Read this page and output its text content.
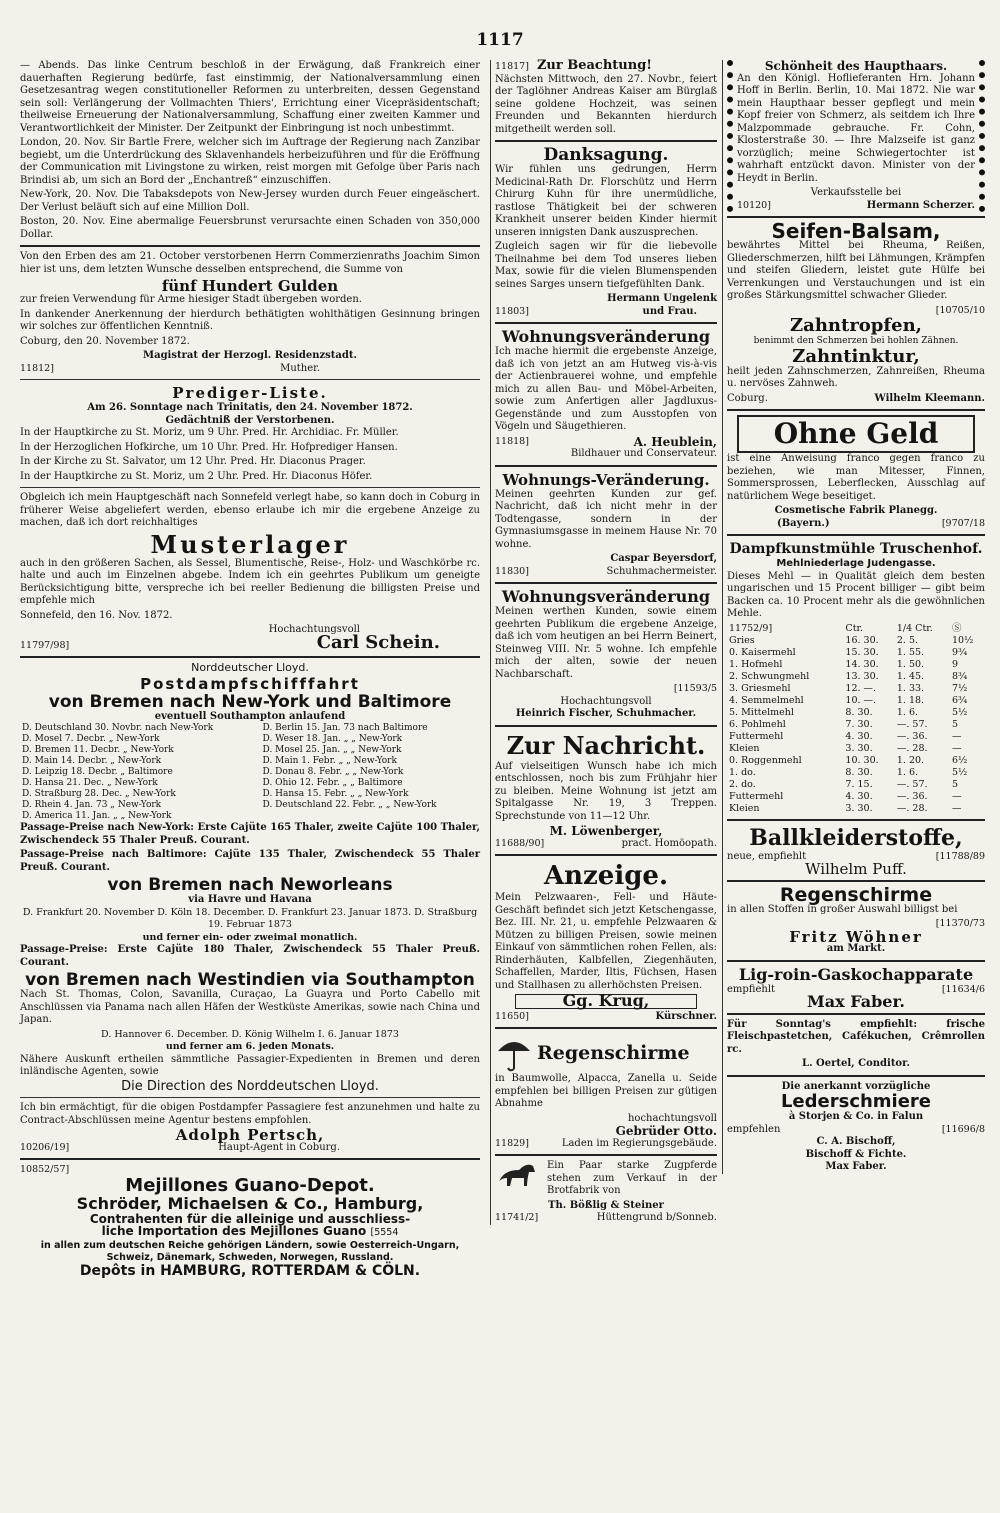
1117

— Abends. Das linke Centrum beschloß in der Erwägung, daß Frankreich einer dauerhaften Regierung bedürfe, fast einstimmig, der Nationalversammlung einen Gesetzesantrag wegen constitutioneller Reformen zu unterbreiten, dessen Gegenstand sein soll: Verlängerung der Vollmachten Thiers', Errichtung einer Vicepräsidentschaft; theilweise Erneuerung der Nationalversammlung, Schaffung einer zweiten Kammer und Verantwortlichkeit der Minister. Der Zeitpunkt der Einbringung ist noch unbestimmt.

London, 20. Nov. Sir Bartle Frere, welcher sich im Auftrage der Regierung nach Zanzibar begiebt, um die Unterdrückung des Sklavenhandels herbeizuführen und für die Eröffnung der Communication mit Livingstone zu wirken, reist morgen mit Gefolge über Paris nach Brindisi ab, um sich an Bord der „Enchantreß“ einzuschiffen.

New-York, 20. Nov. Die Tabaksdepots von New-Jersey wurden durch Feuer eingeäschert. Der Verlust beläuft sich auf eine Million Doll.

Boston, 20. Nov. Eine abermalige Feuersbrunst verursachte einen Schaden von 350,000 Dollar.

Von den Erben des am 21. October verstorbenen Herrn Commerzienraths Joachim Simon hier ist uns, dem letzten Wunsche desselben entsprechend, die Summe von

fünf Hundert Gulden

zur freien Verwendung für Arme hiesiger Stadt übergeben worden.

In dankender Anerkennung der hierdurch bethätigten wohlthätigen Gesinnung bringen wir solches zur öffentlichen Kenntniß.

Coburg, den 20. November 1872.

Magistrat der Herzogl. Residenzstadt.
11812]	Muther.
Prediger-Liste.
Am 26. Sonntage nach Trinitatis, den 24. November 1872.
Gedächtniß der Verstorbenen.

In der Hauptkirche zu St. Moriz, um 9 Uhr. Pred. Hr. Archidiac. Fr. Müller.

In der Herzoglichen Hofkirche, um 10 Uhr. Pred. Hr. Hofprediger Hansen.

In der Kirche zu St. Salvator, um 12 Uhr. Pred. Hr. Diaconus Prager.

In der Hauptkirche zu St. Moriz, um 2 Uhr. Pred. Hr. Diaconus Höfer.

Obgleich ich mein Hauptgeschäft nach Sonnefeld verlegt habe, so kann doch in Coburg in früherer Weise abgeliefert werden, ebenso erlaube ich mir die ergebene Anzeige zu machen, daß ich dort reichhaltiges

Musterlager

auch in den größeren Sachen, als Sessel, Blumentische, Reise-, Holz- und Waschkörbe rc. halte und auch im Einzelnen abgebe. Indem ich ein geehrtes Publikum um geneigte Berücksichtigung bitte, verspreche ich bei reeller Bedienung die billigsten Preise und empfehle mich

Sonnefeld, den 16. Nov. 1872.

Hochachtungsvoll
11797/98]	Carl Schein.
Norddeutscher Lloyd.
Postdampfschifffahrt
von Bremen nach New-York und Baltimore
eventuell Southampton anlaufend
D. Deutschland 30. Novbr. nach New-York	D. Berlin 15. Jan. 73 nach Baltimore
D. Mosel 7. Decbr. „ New-York	D. Weser 18. Jan. „ „ New-York
D. Bremen 11. Decbr. „ New-York	D. Mosel 25. Jan. „ „ New-York
D. Main 14. Decbr. „ New-York	D. Main 1. Febr. „ „ New-York
D. Leipzig 18. Decbr. „ Baltimore	D. Donau 8. Febr. „ „ New-York
D. Hansa 21. Dec. „ New-York	D. Ohio 12. Febr. „ „ Baltimore
D. Straßburg 28. Dec. „ New-York	D. Hansa 15. Febr. „ „ New-York
D. Rhein 4. Jan. 73 „ New-York	D. Deutschland 22. Febr. „ „ New-York
D. America 11. Jan. „ „ New-York	

Passage-Preise nach New-York: Erste Cajüte 165 Thaler, zweite Cajüte 100 Thaler, Zwischendeck 55 Thaler Preuß. Courant.

Passage-Preise nach Baltimore: Cajüte 135 Thaler, Zwischendeck 55 Thaler Preuß. Courant.

von Bremen nach Neworleans
via Havre und Havana
D. Frankfurt 20. November D. Köln 18. December. D. Frankfurt 23. Januar 1873. D. Straßburg 19. Februar 1873
und ferner ein- oder zweimal monatlich.

Passage-Preise: Erste Cajüte 180 Thaler, Zwischendeck 55 Thaler Preuß. Courant.

von Bremen nach Westindien via Southampton

Nach St. Thomas, Colon, Savanilla, Curaçao, La Guayra und Porto Cabello mit Anschlüssen via Panama nach allen Häfen der Westküste Amerikas, sowie nach China und Japan.

D. Hannover 6. December. D. König Wilhelm I. 6. Januar 1873
und ferner am 6. jeden Monats.

Nähere Auskunft ertheilen sämmtliche Passagier-Expedienten in Bremen und deren inländische Agenten, sowie

Die Direction des Norddeutschen Lloyd.

Ich bin ermächtigt, für die obigen Postdampfer Passagiere fest anzunehmen und halte zu Contract-Abschlüssen meine Agentur bestens empfohlen.

Adolph Pertsch,
10206/19]	Haupt-Agent in Coburg.
10852/57]
Mejillones Guano-Depot.
Schröder, Michaelsen & Co., Hamburg,
Contrahenten für die alleinige und ausschliess-
liche Importation des Mejillones Guano [5554
in allen zum deutschen Reiche gehörigen Ländern, sowie Oesterreich-Ungarn, Schweiz, Dänemark, Schweden, Norwegen, Russland.
Depôts in HAMBURG, ROTTERDAM & CÖLN.
11817] Zur Beachtung!

Nächsten Mittwoch, den 27. Novbr., feiert der Taglöhner Andreas Kaiser am Bürglaß seine goldene Hochzeit, was seinen Freunden und Bekannten hierdurch mitgetheilt werden soll.

Danksagung.

Wir fühlen uns gedrungen, Herrn Medicinal-Rath Dr. Florschütz und Herrn Chirurg Kuhn für ihre unermüdliche, rastlose Thätigkeit bei der schweren Krankheit unserer beiden Kinder hiermit unseren innigsten Dank auszusprechen.

Zugleich sagen wir für die liebevolle Theilnahme bei dem Tod unseres lieben Max, sowie für die vielen Blumenspenden seines Sarges unsern tiefgefühlten Dank.

Hermann Ungelenk
11803]	und Frau.
Wohnungsveränderung

Ich mache hiermit die ergebenste Anzeige, daß ich von jetzt an am Hutweg vis-à-vis der Actienbrauerei wohne, und empfehle mich zu allen Bau- und Möbel-Arbeiten, sowie zum Anfertigen aller Jagdluxus-Gegenstände und zum Ausstopfen von Vögeln und Säugethieren.

11818]	A. Heublein,
Bildhauer und Conservateur.
Wohnungs-Veränderung.

Meinen geehrten Kunden zur gef. Nachricht, daß ich nicht mehr in der Todtengasse, sondern in der Gymnasiumsgasse in meinem Hause Nr. 70 wohne.

Caspar Beyersdorf,
11830]	Schuhmachermeister.
Wohnungsveränderung

Meinen werthen Kunden, sowie einem geehrten Publikum die ergebene Anzeige, daß ich vom heutigen an bei Herrn Beinert, Steinweg VIII. Nr. 5 wohne. Ich empfehle mich der alten, sowie der neuen Nachbarschaft.

[11593/5
Hochachtungsvoll
Heinrich Fischer, Schuhmacher.
Zur Nachricht.

Auf vielseitigen Wunsch habe ich mich entschlossen, noch bis zum Frühjahr hier zu bleiben. Meine Wohnung ist jetzt am Spitalgasse Nr. 19, 3 Treppen. Sprechstunde von 11—12 Uhr.

M. Löwenberger,
11688/90]	pract. Homöopath.
Anzeige.

Mein Pelzwaaren-, Fell- und Häute-Geschäft befindet sich jetzt Ketschengasse, Bez. III. Nr. 21, u. empfehle Pelzwaaren & Mützen zu billigen Preisen, sowie meinen Einkauf von sämmtlichen rohen Fellen, als: Rinderhäuten, Kalbfellen, Ziegenhäuten, Schaffellen, Marder, Iltis, Füchsen, Hasen und Stallhasen zu allerhöchsten Preisen.

Gg. Krug,
11650]	Kürschner.
Regenschirme

in Baumwolle, Alpacca, Zanella u. Seide empfehlen bei billigen Preisen zur gütigen Abnahme

hochachtungsvoll
Gebrüder Otto.
11829]	Laden im Regierungsgebäude.

Ein Paar starke Zugpferde stehen zum Verkauf in der Brotfabrik von

Th. Bößlig & Steiner
11741/2]	Hüttengrund b/Sonneb.
Schönheit des Haupthaars.

An den Königl. Hoflieferanten Hrn. Johann Hoff in Berlin. Berlin, 10. Mai 1872. Nie war mein Haupthaar besser gepflegt und mein Kopf freier von Schmerz, als seitdem ich Ihre Malzpommade gebrauche. Fr. Cohn, Klosterstraße 30. — Ihre Malzseife ist ganz vorzüglich; meine Schwiegertochter ist wahrhaft entzückt davon. Minister von der Heydt in Berlin.

Verkaufsstelle bei
10120]	Hermann Scherzer.
Seifen-Balsam,

bewährtes Mittel bei Rheuma, Reißen, Gliederschmerzen, hilft bei Lähmungen, Krämpfen und steifen Gliedern, leistet gute Hülfe bei Verrenkungen und Verstauchungen und ist ein großes Stärkungsmittel schwacher Glieder.

[10705/10
Zahntropfen,
benimmt den Schmerzen bei hohlen Zähnen.
Zahntinktur,

heilt jeden Zahnschmerzen, Zahnreißen, Rheuma u. nervöses Zahnweh.

Coburg.	Wilhelm Kleemann.
Ohne Geld

ist eine Anweisung franco gegen franco zu beziehen, wie man Mitesser, Finnen, Sommersprossen, Leberflecken, Ausschlag auf natürlichem Wege beseitiget.

Cosmetische Fabrik Planegg.
(Bayern.)	[9707/18
Dampfkunstmühle Truschenhof.
Mehlniederlage Judengasse.

Dieses Mehl — in Qualität gleich dem besten ungarischen und 15 Procent billiger — gibt beim Backen ca. 10 Procent mehr als die gewöhnlichen Mehle.

11752/9]	Ctr.	1/4 Ctr.	Ⓢ
Gries	16. 30.	2. 5.	10½
0. Kaisermehl	15. 30.	1. 55.	9¾
1. Hofmehl	14. 30.	1. 50.	9
2. Schwungmehl	13. 30.	1. 45.	8¾
3. Griesmehl	12. —.	1. 33.	7½
4. Semmelmehl	10. —.	1. 18.	6¾
5. Mittelmehl	8. 30.	1. 6.	5½
6. Pohlmehl	7. 30.	—. 57.	5
Futtermehl	4. 30.	—. 36.	—
Kleien	3. 30.	—. 28.	—
0. Roggenmehl	10. 30.	1. 20.	6½
1. do.	8. 30.	1. 6.	5½
2. do.	7. 15.	—. 57.	5
Futtermehl	4. 30.	—. 36.	—
Kleien	3. 30.	—. 28.	—
Ballkleiderstoffe,
neue, empfiehlt	[11788/89
Wilhelm Puff.
Regenschirme

in allen Stoffen in großer Auswahl billigst bei

[11370/73
Fritz Wöhner
am Markt.
Lig-roin-Gaskochapparate
empfiehlt	[11634/6
Max Faber.

Für Sonntag's empfiehlt: frische Fleischpastetchen, Cafékuchen, Crêmrollen rc.

L. Oertel, Conditor.
Die anerkannt vorzügliche
Lederschmiere
à Storjen & Co. in Falun
empfehlen	[11696/8
C. A. Bischoff,
Bischoff & Fichte.
Max Faber.
